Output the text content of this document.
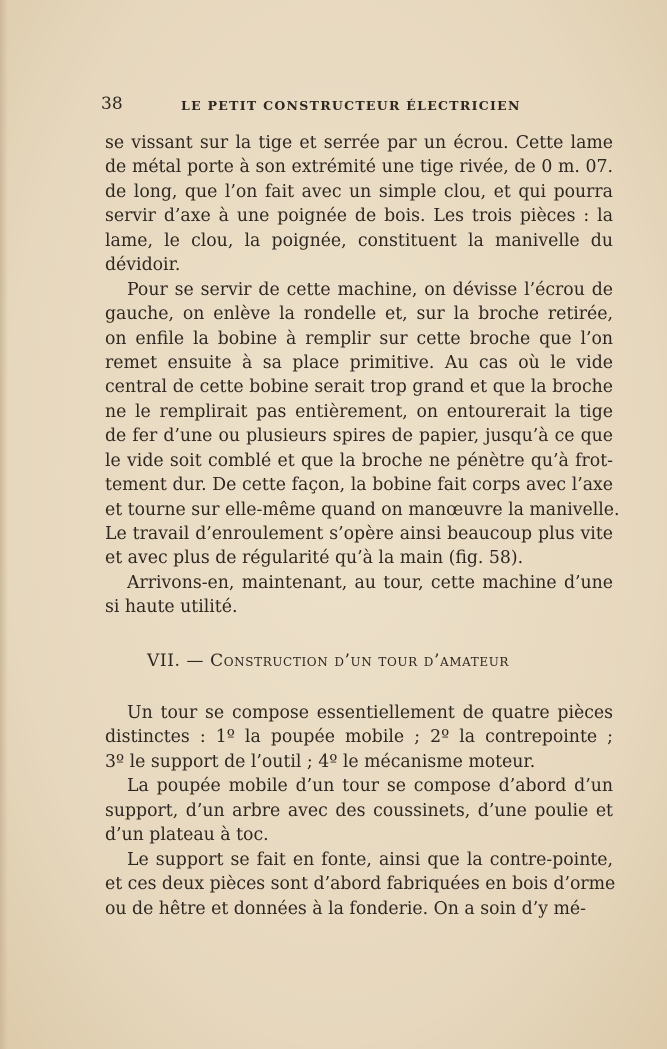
38	LE PETIT CONSTRUCTEUR ÉLECTRICIEN
se vissant sur la tige et serrée par un écrou. Cette lame
de métal porte à son extrémité une tige rivée, de 0 m. 07.
de long, que l’on fait avec un simple clou, et qui pourra
servir d’axe à une poignée de bois. Les trois pièces : la
lame, le clou, la poignée, constituent la manivelle du
dévidoir.
Pour se servir de cette machine, on dévisse l’écrou de
gauche, on enlève la rondelle et, sur la broche retirée,
on enfile la bobine à remplir sur cette broche que l’on
remet ensuite à sa place primitive. Au cas où le vide
central de cette bobine serait trop grand et que la broche
ne le remplirait pas entièrement, on entourerait la tige
de fer d’une ou plusieurs spires de papier, jusqu’à ce que
le vide soit comblé et que la broche ne pénètre qu’à frot-
tement dur. De cette façon, la bobine fait corps avec l’axe
et tourne sur elle-même quand on manœuvre la manivelle.
Le travail d’enroulement s’opère ainsi beaucoup plus vite
et avec plus de régularité qu’à la main (fig. 58).
Arrivons-en, maintenant, au tour, cette machine d’une
si haute utilité.
VII. — Construction d’un tour d’amateur
Un tour se compose essentiellement de quatre pièces
distinctes : 1º la poupée mobile ; 2º la contrepointe ;
3º le support de l’outil ; 4º le mécanisme moteur.
La poupée mobile d’un tour se compose d’abord d’un
support, d’un arbre avec des coussinets, d’une poulie et
d’un plateau à toc.
Le support se fait en fonte, ainsi que la contre-pointe,
et ces deux pièces sont d’abord fabriquées en bois d’orme
ou de hêtre et données à la fonderie. On a soin d’y mé-
